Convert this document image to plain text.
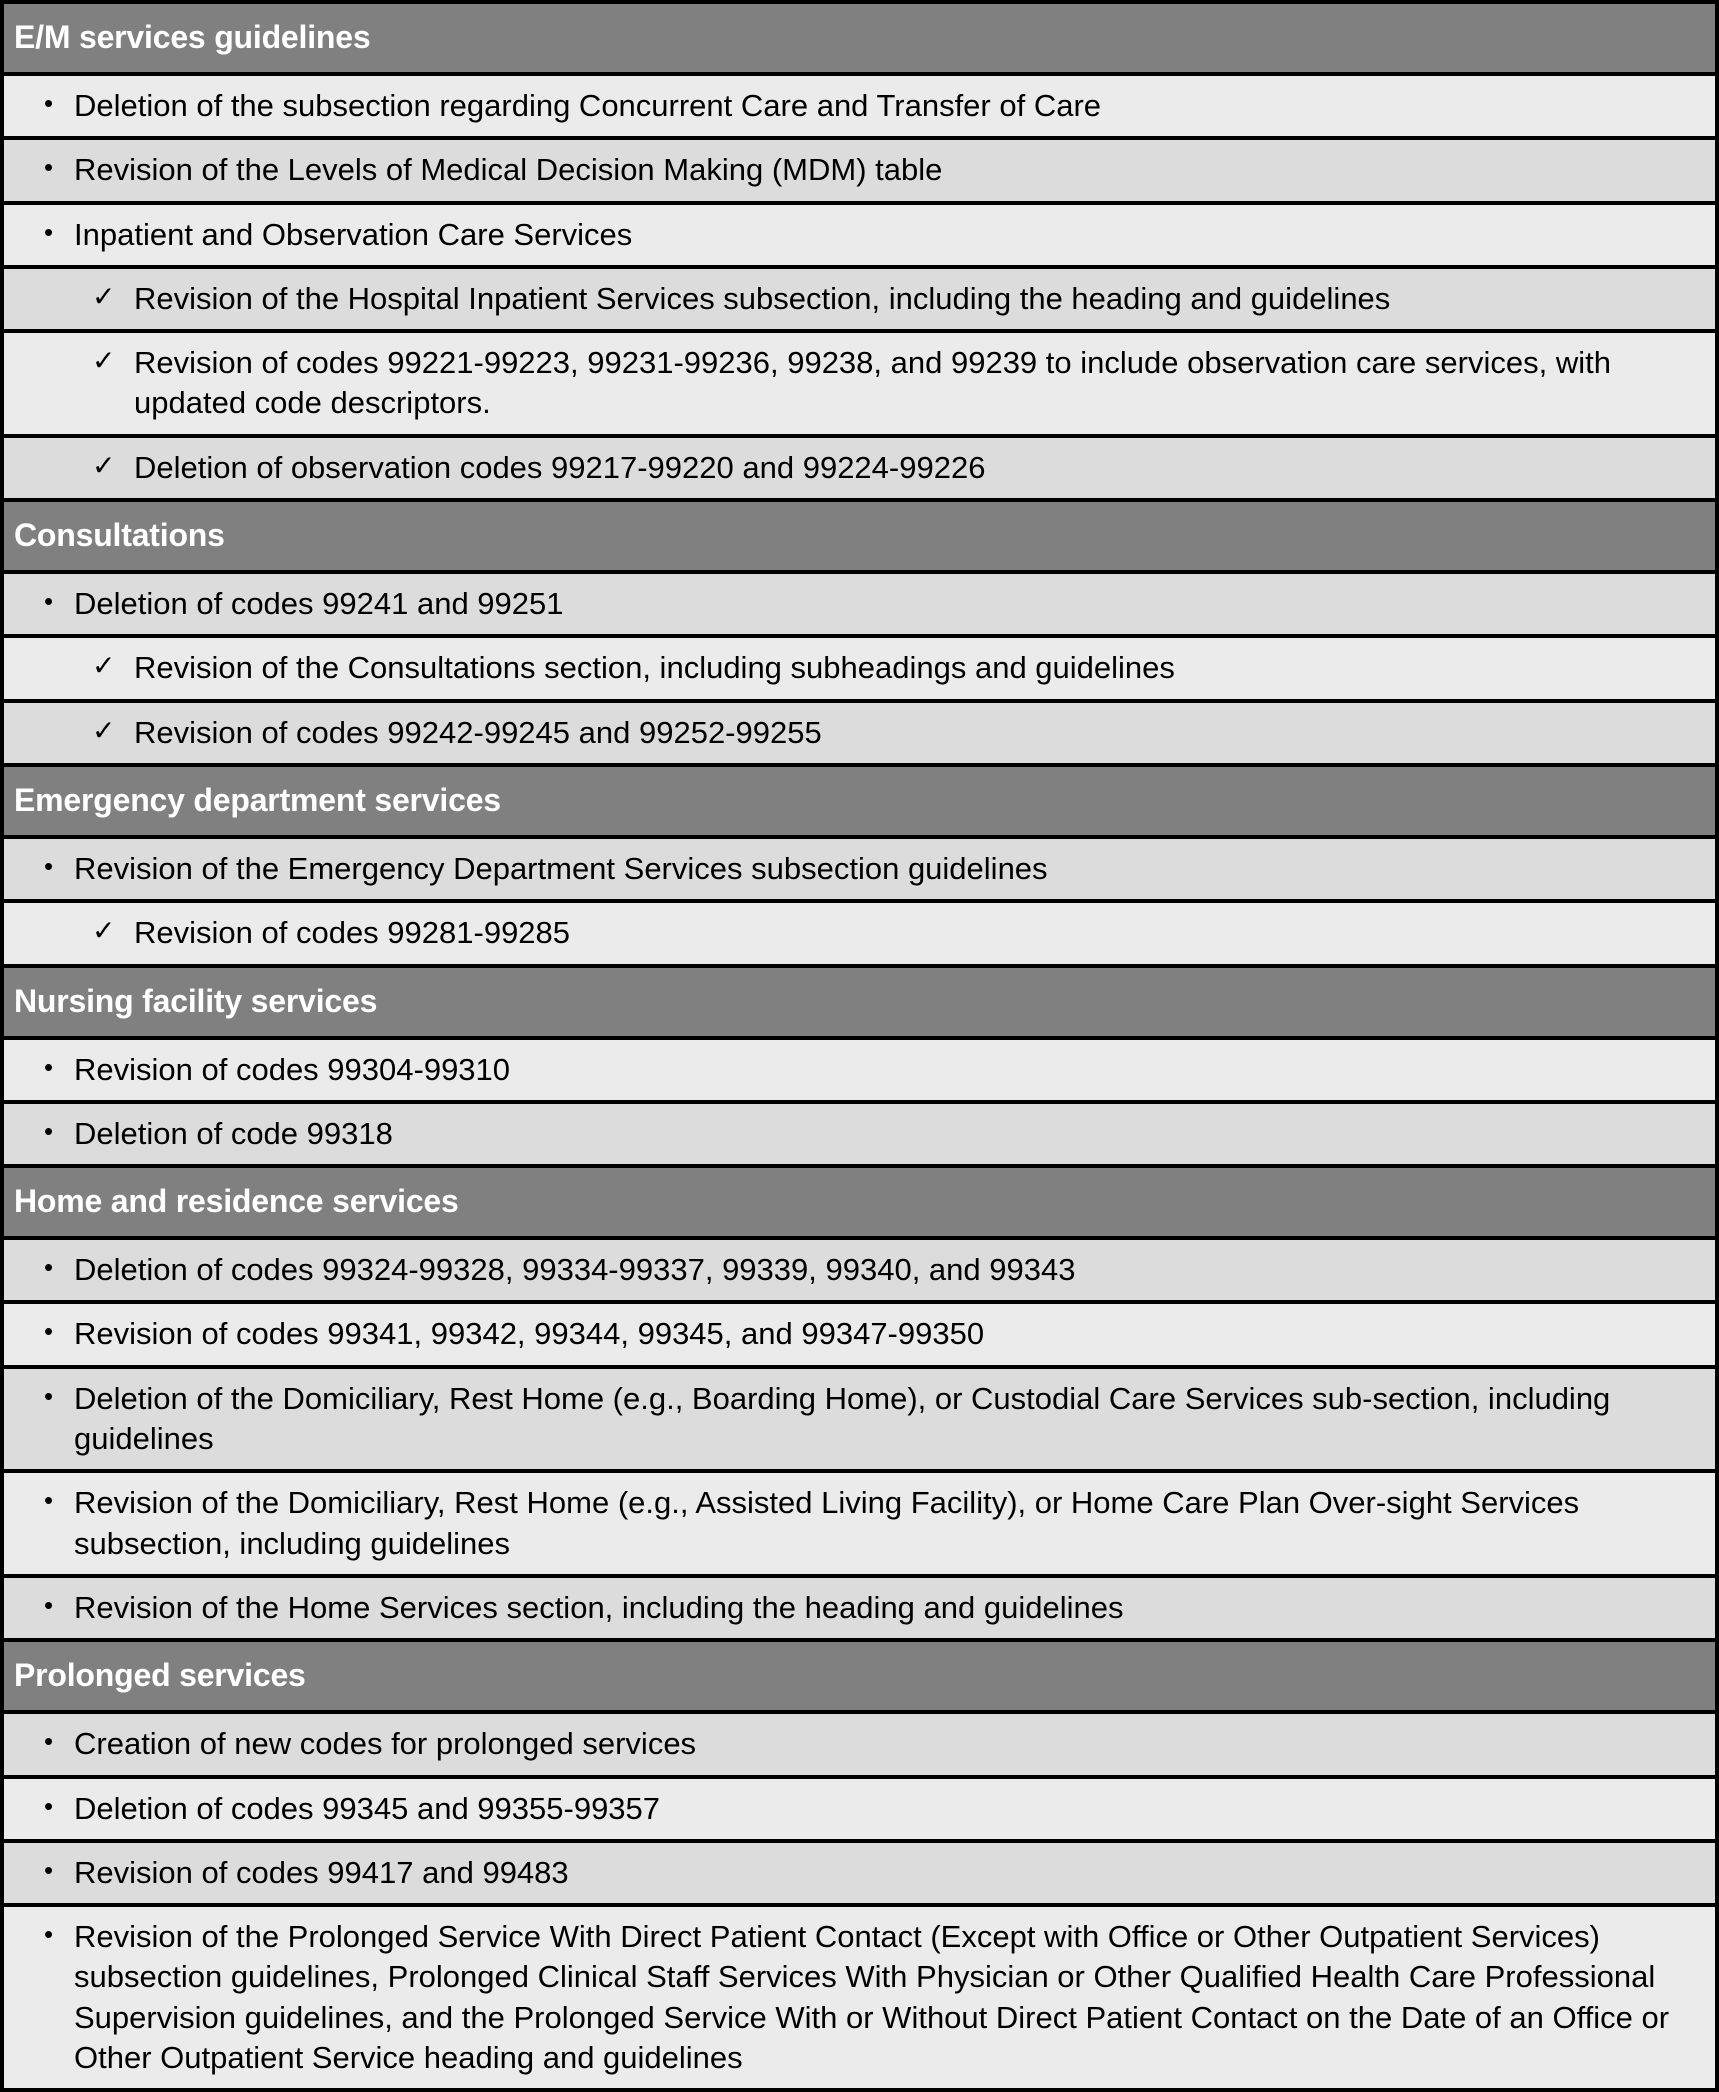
E/M services guidelines
• Deletion of the subsection regarding Concurrent Care and Transfer of Care
• Revision of the Levels of Medical Decision Making (MDM) table
• Inpatient and Observation Care Services
✓ Revision of the Hospital Inpatient Services subsection, including the heading and guidelines
✓ Revision of codes 99221-99223, 99231-99236, 99238, and 99239 to include observation care services, with updated code descriptors.
✓ Deletion of observation codes 99217-99220 and 99224-99226
Consultations
• Deletion of codes 99241 and 99251
✓ Revision of the Consultations section, including subheadings and guidelines
✓ Revision of codes 99242-99245 and 99252-99255
Emergency department services
• Revision of the Emergency Department Services subsection guidelines
✓ Revision of codes 99281-99285
Nursing facility services
• Revision of codes 99304-99310
• Deletion of code 99318
Home and residence services
• Deletion of codes 99324-99328, 99334-99337, 99339, 99340, and 99343
• Revision of codes 99341, 99342, 99344, 99345, and 99347-99350
• Deletion of the Domiciliary, Rest Home (e.g., Boarding Home), or Custodial Care Services sub-section, including guidelines
• Revision of the Domiciliary, Rest Home (e.g., Assisted Living Facility), or Home Care Plan Over-sight Services subsection, including guidelines
• Revision of the Home Services section, including the heading and guidelines
Prolonged services
• Creation of new codes for prolonged services
• Deletion of codes 99345 and 99355-99357
• Revision of codes 99417 and 99483
• Revision of the Prolonged Service With Direct Patient Contact (Except with Office or Other Outpatient Services) subsection guidelines, Prolonged Clinical Staff Services With Physician or Other Qualified Health Care Professional Supervision guidelines, and the Prolonged Service With or Without Direct Patient Contact on the Date of an Office or Other Outpatient Service heading and guidelines
